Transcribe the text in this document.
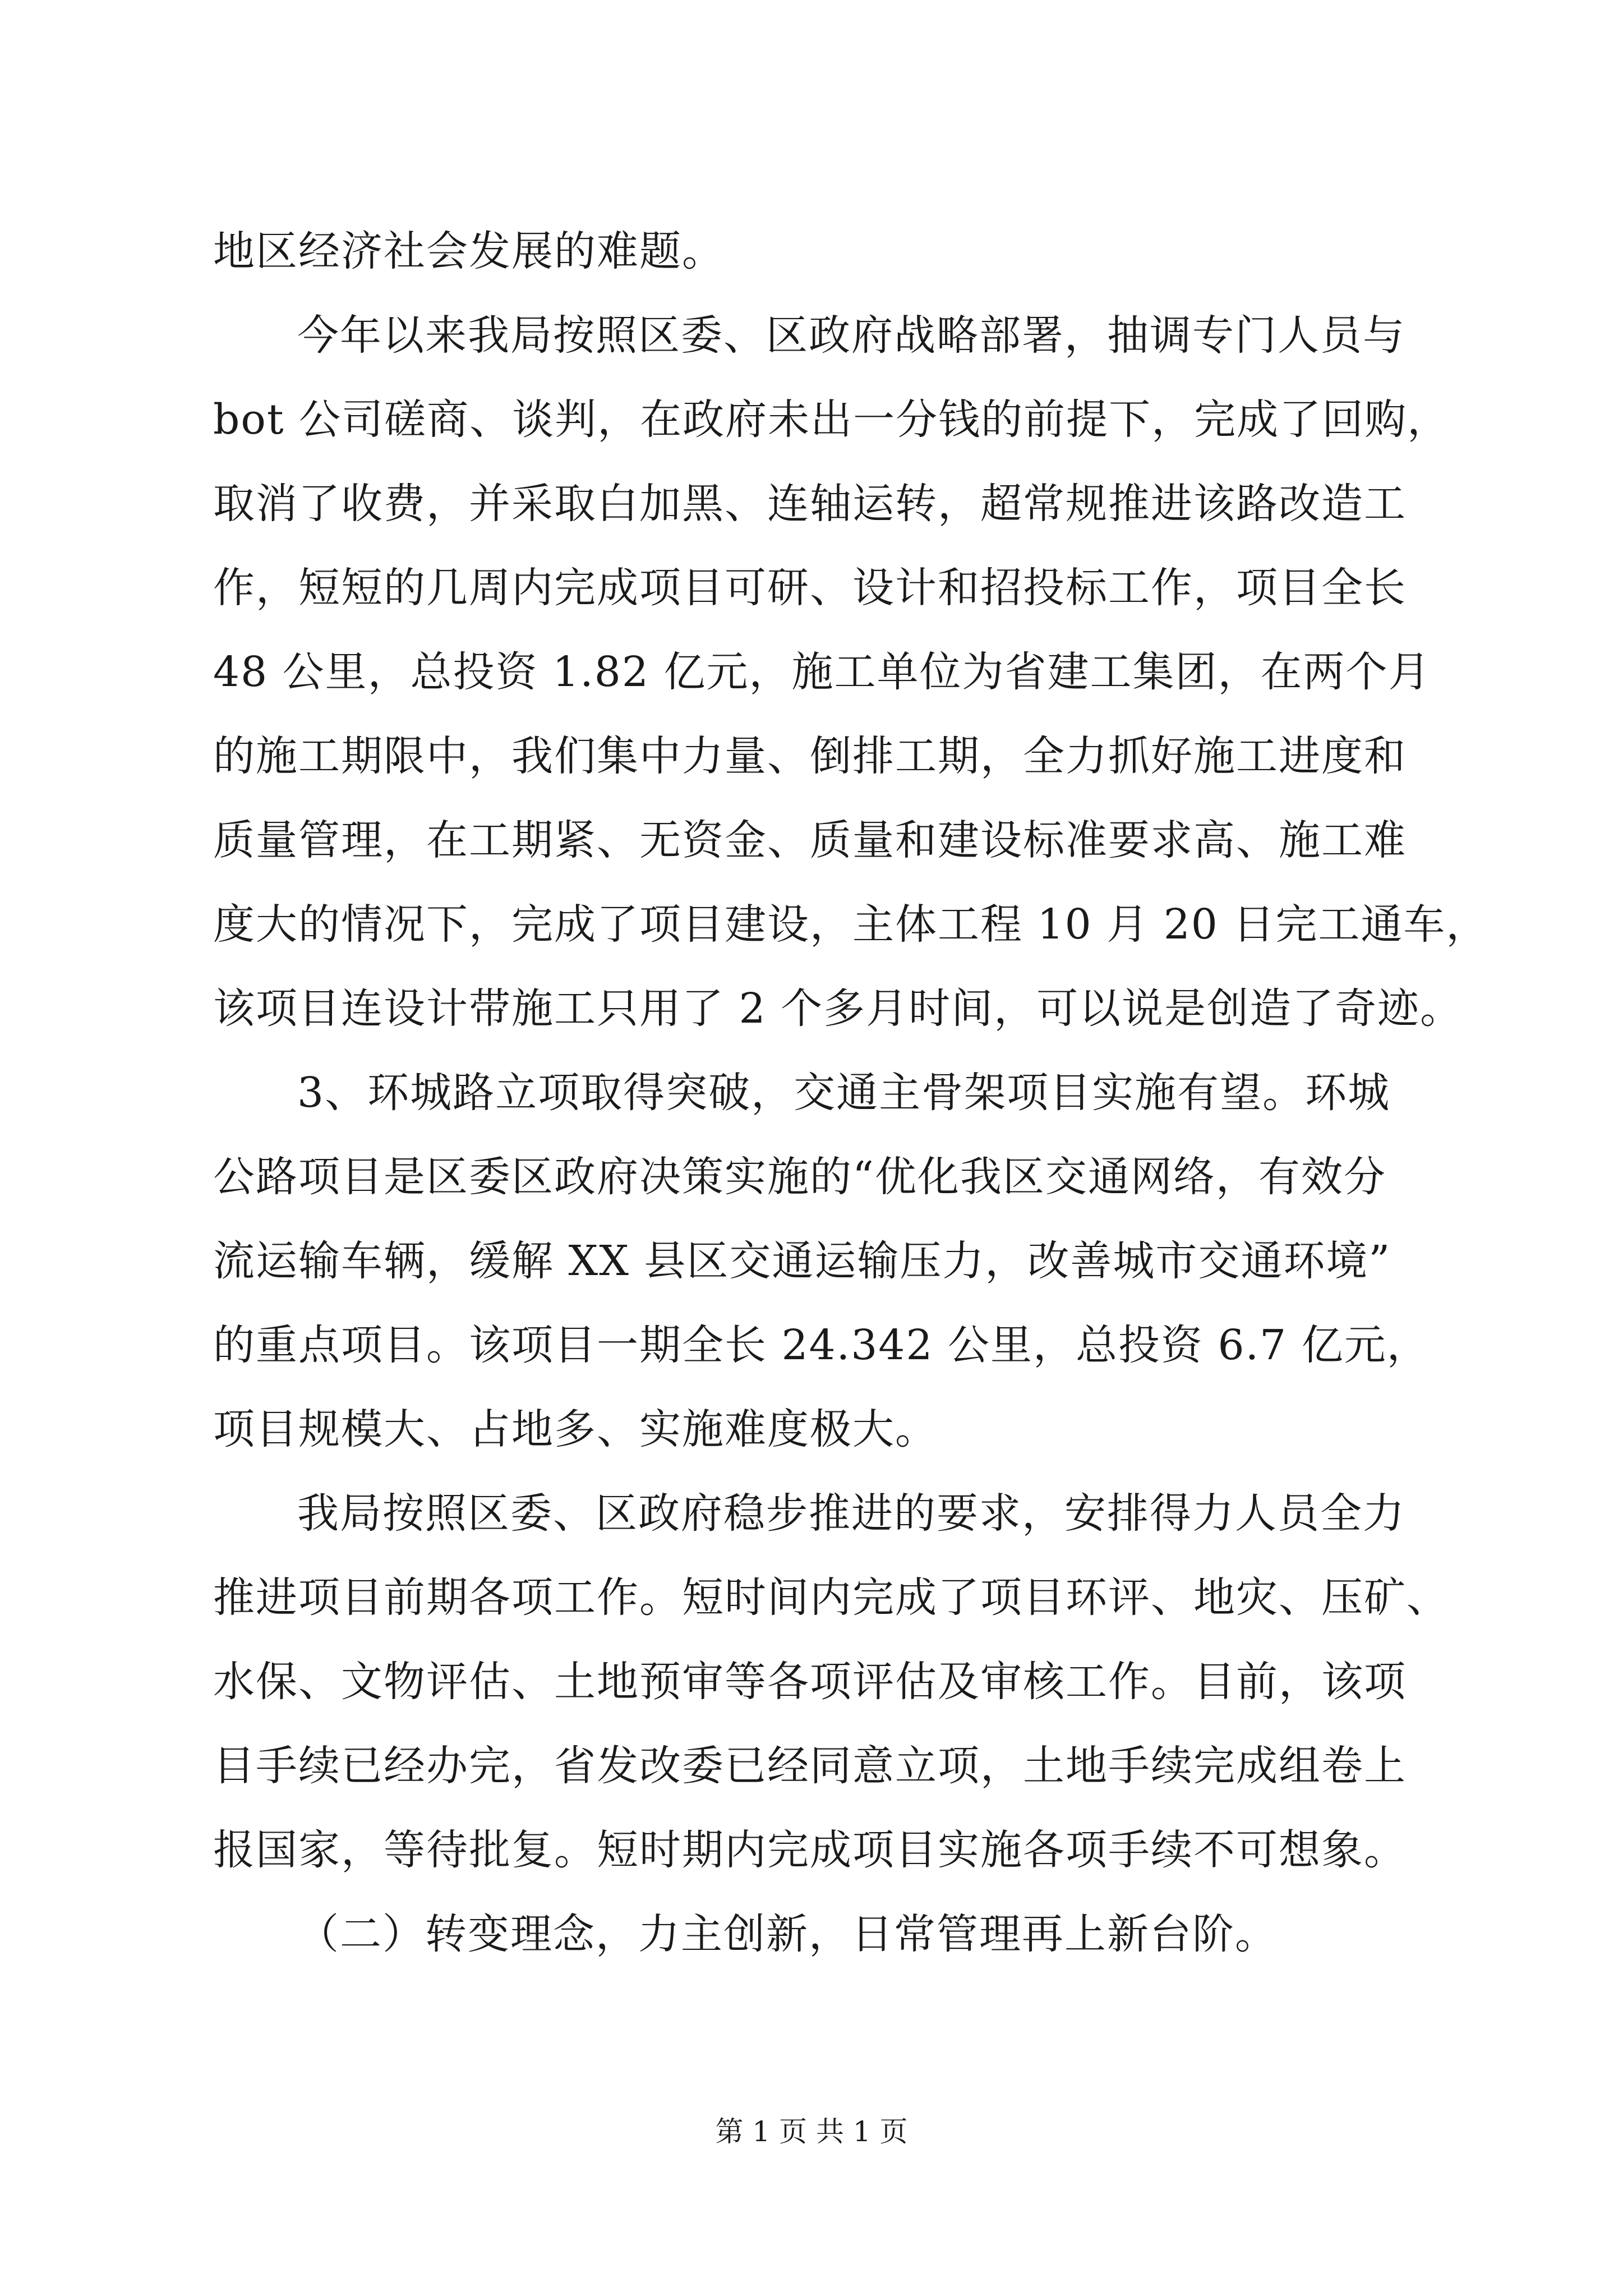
地区经济社会发展的难题。
今年以来我局按照区委、区政府战略部署，抽调专门人员与
bot 公司磋商、谈判，在政府未出一分钱的前提下，完成了回购，
取消了收费，并采取白加黑、连轴运转，超常规推进该路改造工
作，短短的几周内完成项目可研、设计和招投标工作，项目全长
48 公里，总投资 1.82 亿元，施工单位为省建工集团，在两个月
的施工期限中，我们集中力量、倒排工期，全力抓好施工进度和
质量管理，在工期紧、无资金、质量和建设标准要求高、施工难
度大的情况下，完成了项目建设，主体工程 10 月 20 日完工通车，
该项目连设计带施工只用了 2 个多月时间，可以说是创造了奇迹。
3、环城路立项取得突破，交通主骨架项目实施有望。环城
公路项目是区委区政府决策实施的“优化我区交通网络，有效分
流运输车辆，缓解 XX 县区交通运输压力，改善城市交通环境”
的重点项目。该项目一期全长 24.342 公里，总投资 6.7 亿元，
项目规模大、占地多、实施难度极大。
我局按照区委、区政府稳步推进的要求，安排得力人员全力
推进项目前期各项工作。短时间内完成了项目环评、地灾、压矿、
水保、文物评估、土地预审等各项评估及审核工作。目前，该项
目手续已经办完，省发改委已经同意立项，土地手续完成组卷上
报国家，等待批复。短时期内完成项目实施各项手续不可想象。
（二）转变理念，力主创新，日常管理再上新台阶。
第 1 页 共 1 页
